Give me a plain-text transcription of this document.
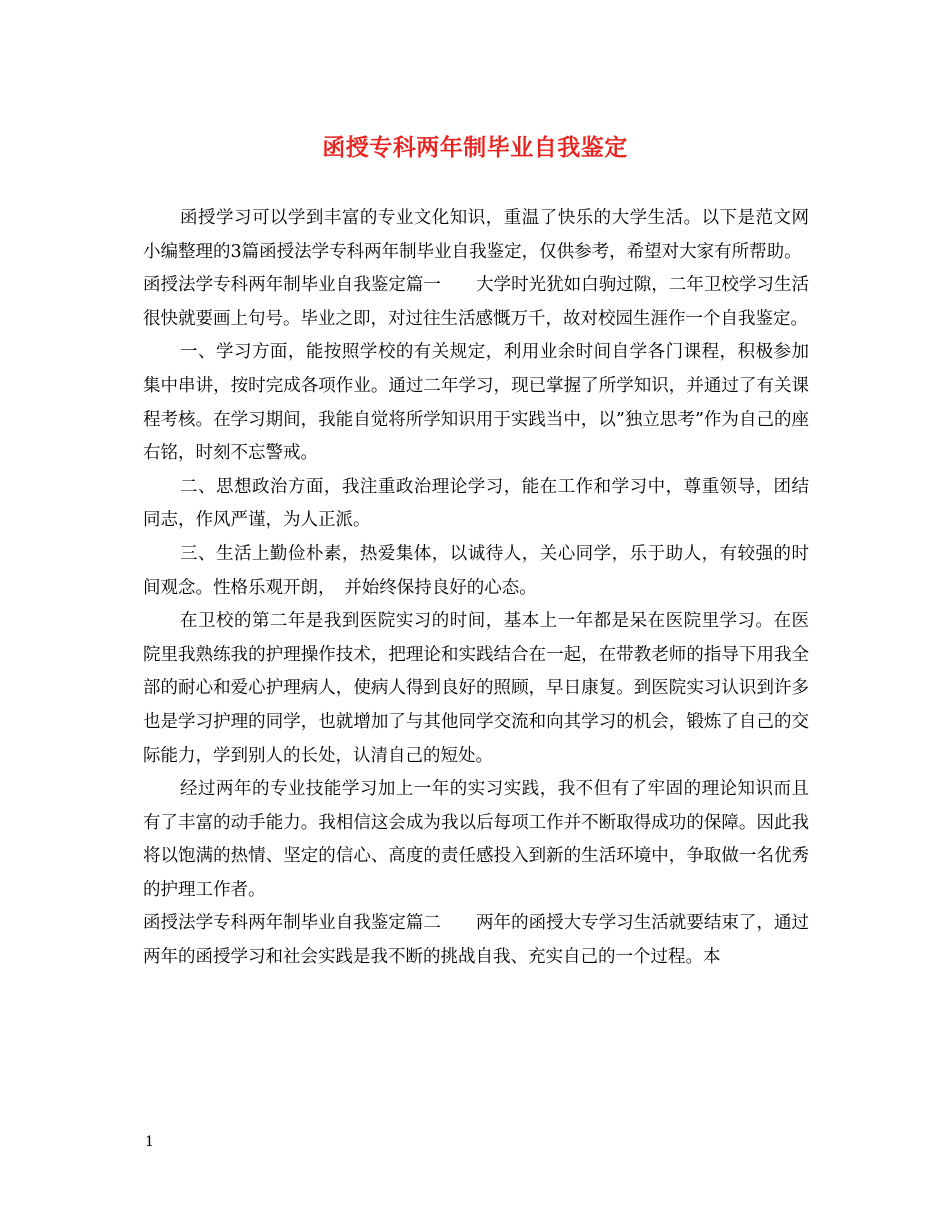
函授专科两年制毕业自我鉴定

函授学习可以学到丰富的专业文化知识，重温了快乐的大学生活。以下是范文网小编整理的3篇函授法学专科两年制毕业自我鉴定，仅供参考，希望对大家有所帮助。

函授法学专科两年制毕业自我鉴定篇一　　大学时光犹如白驹过隙，二年卫校学习生活很快就要画上句号。毕业之即，对过往生活感慨万千，故对校园生涯作一个自我鉴定。

一、学习方面，能按照学校的有关规定，利用业余时间自学各门课程，积极参加集中串讲，按时完成各项作业。通过二年学习，现已掌握了所学知识，并通过了有关课程考核。在学习期间，我能自觉将所学知识用于实践当中，以”独立思考”作为自己的座右铭，时刻不忘警戒。

二、思想政治方面，我注重政治理论学习，能在工作和学习中，尊重领导，团结同志，作风严谨，为人正派。

三、生活上勤俭朴素，热爱集体，以诚待人，关心同学，乐于助人，有较强的时间观念。性格乐观开朗，　并始终保持良好的心态。

在卫校的第二年是我到医院实习的时间，基本上一年都是呆在医院里学习。在医院里我熟练我的护理操作技术，把理论和实践结合在一起，在带教老师的指导下用我全部的耐心和爱心护理病人，使病人得到良好的照顾，早日康复。到医院实习认识到许多也是学习护理的同学，也就增加了与其他同学交流和向其学习的机会，锻炼了自己的交际能力，学到别人的长处，认清自己的短处。

经过两年的专业技能学习加上一年的实习实践，我不但有了牢固的理论知识而且有了丰富的动手能力。我相信这会成为我以后每项工作并不断取得成功的保障。因此我将以饱满的热情、坚定的信心、高度的责任感投入到新的生活环境中，争取做一名优秀的护理工作者。

函授法学专科两年制毕业自我鉴定篇二　　两年的函授大专学习生活就要结束了，通过两年的函授学习和社会实践是我不断的挑战自我、充实自己的一个过程。本

1
